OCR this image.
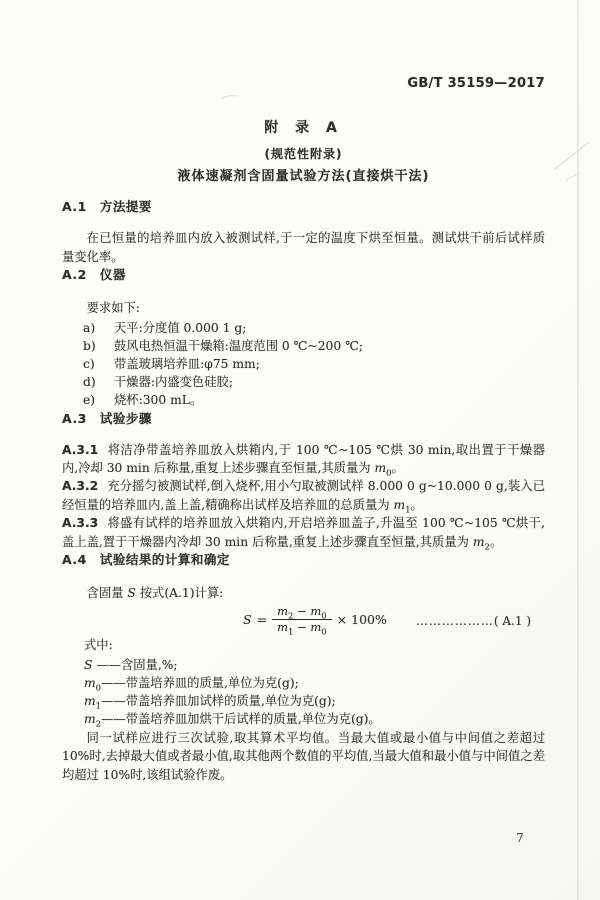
GB/T 35159—2017
附 录 A
(规范性附录)
液体速凝剂含固量试验方法(直接烘干法)
A.1 方法提要

在已恒量的培养皿内放入被测试样,于一定的温度下烘至恒量。测试烘干前后试样质量变化率。

A.2 仪器

要求如下:

a) 天平:分度值 0.000 1 g;
b) 鼓风电热恒温干燥箱:温度范围 0 ℃~200 ℃;
c) 带盖玻璃培养皿:φ75 mm;
d) 干燥器:内盛变色硅胶;
e) 烧杯:300 mL。
A.3 试验步骤

A.3.1 将洁净带盖培养皿放入烘箱内,于 100 ℃~105 ℃烘 30 min,取出置于干燥器内,冷却 30 min 后称量,重复上述步骤直至恒量,其质量为 $m_0$。

A.3.2 充分摇匀被测试样,倒入烧杯,用小勺取被测试样 8.000 0 g~10.000 0 g,装入已经恒量的培养皿内,盖上盖,精确称出试样及培养皿的总质量为 $m_1$。

A.3.3 将盛有试样的培养皿放入烘箱内,开启培养皿盖子,升温至 100 ℃~105 ℃烘干,盖上盖,置于干燥器内冷却 30 min 后称量,重复上述步骤直至恒量,其质量为 $m_2$。

A.4 试验结果的计算和确定

含固量 S 按式(A.1)计算:

$S = \frac{m_2 - m_0}{m_1 - m_0} \times 100\%$ ………………( A.1 )

式中:

S ——含固量,%;
$m_0——$带盖培养皿的质量,单位为克(g);
$m_1——$带盖培养皿加试样的质量,单位为克(g);
$m_2——$带盖培养皿加烘干后试样的质量,单位为克(g)。

同一试样应进行三次试验,取其算术平均值。当最大值或最小值与中间值之差超过 10%时,去掉最大值或者最小值,取其他两个数值的平均值,当最大值和最小值与中间值之差均超过 10%时,该组试验作废。

7
